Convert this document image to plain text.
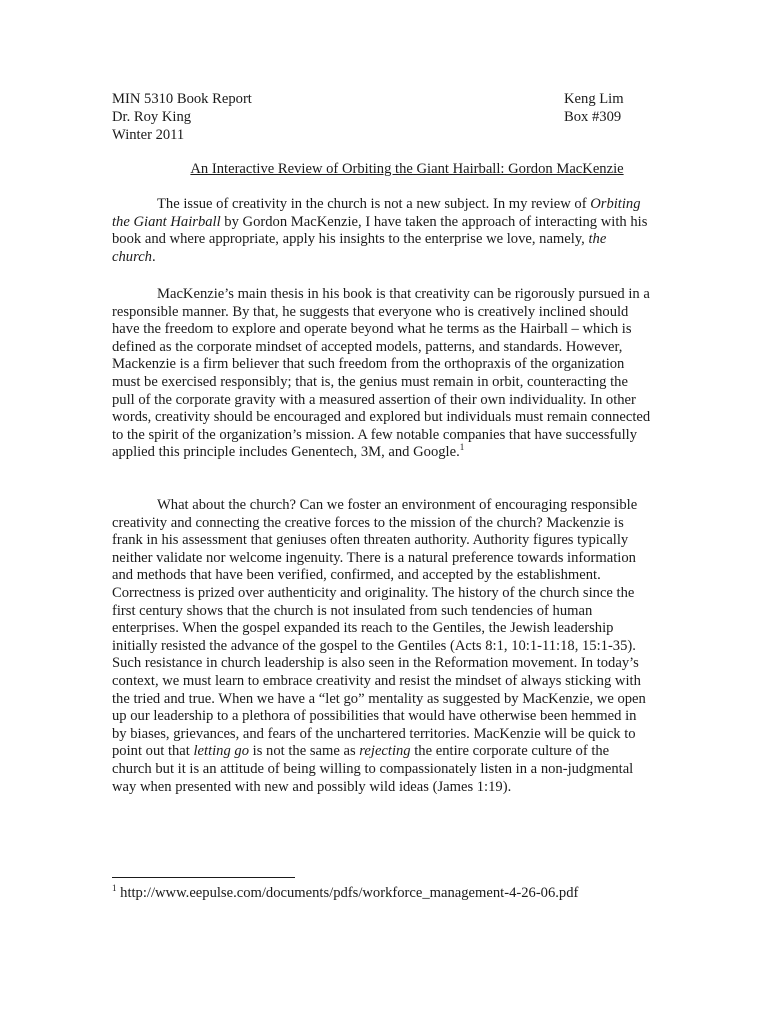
MIN 5310 Book Report	Keng Lim
Dr. Roy King	Box #309
Winter 2011
An Interactive Review of Orbiting the Giant Hairball: Gordon MacKenzie

The issue of creativity in the church is not a new subject. In my review of Orbiting the Giant Hairball by Gordon MacKenzie, I have taken the approach of interacting with his book and where appropriate, apply his insights to the enterprise we love, namely, the church.

MacKenzie’s main thesis in his book is that creativity can be rigorously pursued in a responsible manner. By that, he suggests that everyone who is creatively inclined should have the freedom to explore and operate beyond what he terms as the Hairball – which is defined as the corporate mindset of accepted models, patterns, and standards. However, Mackenzie is a firm believer that such freedom from the orthopraxis of the organization must be exercised responsibly; that is, the genius must remain in orbit, counteracting the pull of the corporate gravity with a measured assertion of their own individuality. In other words, creativity should be encouraged and explored but individuals must remain connected to the spirit of the organization’s mission. A few notable companies that have successfully applied this principle includes Genentech, 3M, and Google.$^1$

What about the church? Can we foster an environment of encouraging responsible creativity and connecting the creative forces to the mission of the church? Mackenzie is frank in his assessment that geniuses often threaten authority. Authority figures typically neither validate nor welcome ingenuity. There is a natural preference towards information and methods that have been verified, confirmed, and accepted by the establishment. Correctness is prized over authenticity and originality. The history of the church since the first century shows that the church is not insulated from such tendencies of human enterprises. When the gospel expanded its reach to the Gentiles, the Jewish leadership initially resisted the advance of the gospel to the Gentiles (Acts 8:1, 10:1-11:18, 15:1-35). Such resistance in church leadership is also seen in the Reformation movement. In today’s context, we must learn to embrace creativity and resist the mindset of always sticking with the tried and true. When we have a “let go” mentality as suggested by MacKenzie, we open up our leadership to a plethora of possibilities that would have otherwise been hemmed in by biases, grievances, and fears of the unchartered territories. MacKenzie will be quick to point out that letting go is not the same as rejecting the entire corporate culture of the church but it is an attitude of being willing to compassionately listen in a non-judgmental way when presented with new and possibly wild ideas (James 1:19).

$^1$ http://www.eepulse.com/documents/pdfs/workforce_management-4-26-06.pdf
